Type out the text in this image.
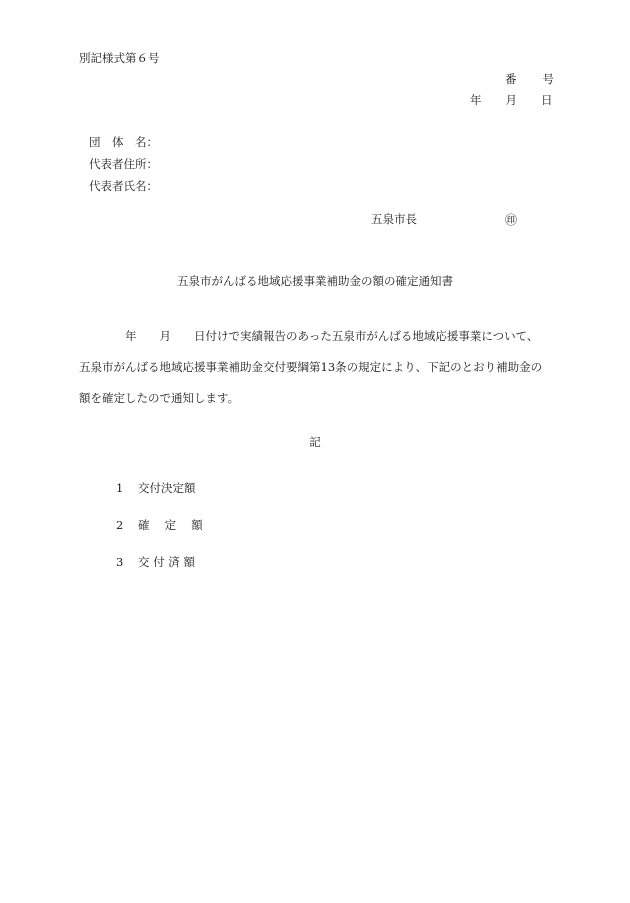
別記様式第６号
番 号
年 月 日
団　体　名：
代表者住所：
代表者氏名：
五泉市長	㊞
五泉市がんばる地域応援事業補助金の額の確定通知書
　　　　年　　月　　日付けで実績報告のあった五泉市がんばる地域応援事業について、
五泉市がんばる地域応援事業補助金交付要綱第13条の規定により、下記のとおり補助金の
額を確定したので通知します。
記
1 交付決定額
2 確　 定　 額
3 交 付 済 額
